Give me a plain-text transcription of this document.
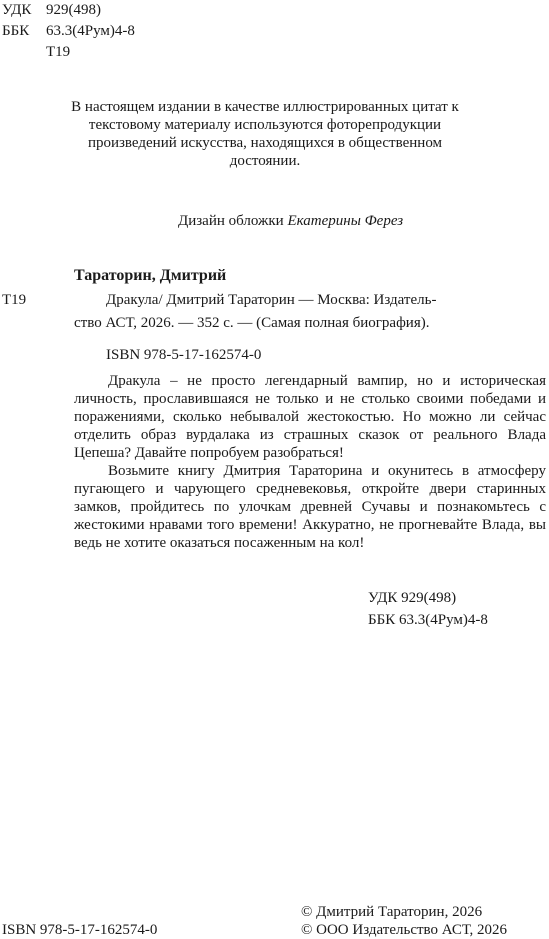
УДК 929(498)
ББК 63.3(4Рум)4-8
Т19
В настоящем издании в качестве иллюстрированных цитат к текстовому материалу используются фоторепродукции произведений искусства, находящихся в общественном достоянии.
Дизайн обложки Екатерины Ферез
Тараторин, Дмитрий
Т19	Дракула/ Дмитрий Тараторин — Москва: Издатель-
ство АСТ, 2026. — 352 с. — (Самая полная биография).
ISBN 978-5-17-162574-0

Дракула – не просто легендарный вампир, но и историческая личность, прославившаяся не только и не столько своими победами и поражениями, сколько небывалой жестокостью. Но можно ли сейчас отделить образ вурдалака из страшных сказок от реального Влада Цепеша? Давайте попробуем разобраться!

Возьмите книгу Дмитрия Тараторина и окунитесь в атмосферу пугающего и чарующего средневековья, откройте двери старинных замков, пройдитесь по улочкам древней Сучавы и познакомьтесь с жестокими нравами того времени! Аккуратно, не прогневайте Влада, вы ведь не хотите оказаться посаженным на кол!

УДК 929(498)
ББК 63.3(4Рум)4-8
© Дмитрий Тараторин, 2026
ISBN 978-5-17-162574-0	© ООО Издательство АСТ, 2026
